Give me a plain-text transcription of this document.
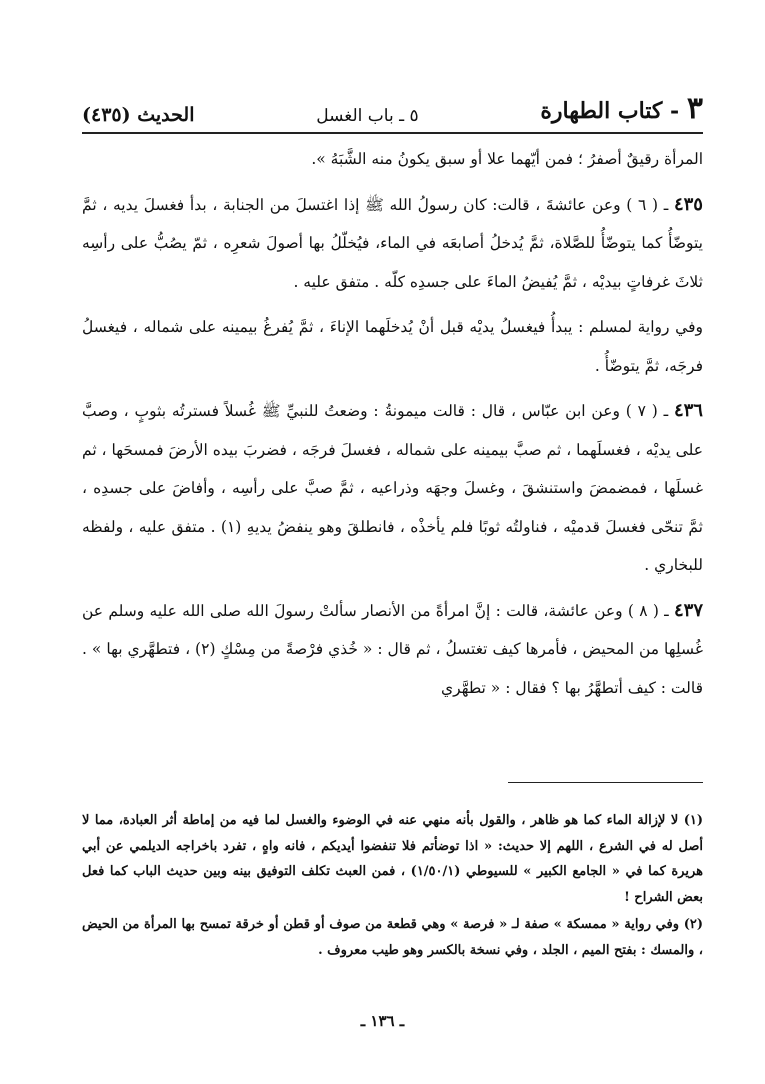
٣ - كتاب الطهارة
٥ ـ باب الغسل
الحديث (٤٣٥)

المرأة رقيقٌ أصفرُ ؛ فمن أيّهما علا أو سبق يكونُ منه الشَّبَهُ ».

٤٣٥ ـ ( ٦ ) وعن عائشةَ ، قالت: كان رسولُ الله ﷺ إذا اغتسلَ من الجنابة ، بدأ فغسلَ يديه ، ثمَّ يتوضّأُ كما يتوضّأُ للصَّلاة، ثمَّ يُدخلُ أصابعَه في الماء، فيُخلّلُ بها أصولَ شعرِه ، ثمّ يصُبُّ على رأسِه ثلاثَ غرفاتٍ بيديْه ، ثمَّ يُفيضُ الماءَ على جسدِه كلّه . متفق عليه .

وفي رواية لمسلم : يبدأُ فيغسلُ يديْه قبل أنْ يُدخلَهما الإناءَ ، ثمَّ يُفرغُ بيمينه على شماله ، فيغسلُ فرجَه، ثمَّ يتوضّأُ .

٤٣٦ ـ ( ٧ ) وعن ابن عبّاس ، قال : قالت ميمونةُ : وضعتُ للنبيِّ ﷺ غُسلاً فسترتُه بثوبٍ ، وصبَّ على يديْه ، فغسلَهما ، ثم صبَّ بيمينه على شماله ، فغسلَ فرجَه ، فضربَ بيده الأرضَ فمسحَها ، ثم غسلَها ، فمضمضَ واستنشقَ ، وغسلَ وجهَه وذراعيه ، ثمَّ صبَّ على رأسِه ، وأفاضَ على جسدِه ، ثمَّ تنحّى فغسلَ قدميْه ، فناولتُه ثوبًا فلم يأخذْه ، فانطلقَ وهو ينفضُ يديهِ (١) . متفق عليه ، ولفظه للبخاري .

٤٣٧ ـ ( ٨ ) وعن عائشة، قالت : إنَّ امرأةً من الأنصار سألتْ رسولَ الله صلى الله عليه وسلم عن غُسلِها من المحيض ، فأمرها كيف تغتسلُ ، ثم قال : « خُذي فرْصةً من مِسْكٍ (٢) ، فتطهَّري بها » . قالت : كيف أتطهَّرُ بها ؟ فقال : « تطهَّري

(١) لا لإزالة الماء كما هو ظاهر ، والقول بأنه منهي عنه في الوضوء والغسل لما فيه من إماطة أثر العبادة، مما لا أصل له في الشرع ، اللهم إلا حديث: « اذا توضأتم فلا تنفضوا أيديكم ، فانه واهٍ ، تفرد باخراجه الديلمي عن أبي هريرة كما في « الجامع الكبير » للسيوطي (١/٥٠/١) ، فمن العبث تكلف التوفيق بينه وبين حديث الباب كما فعل بعض الشراح !

(٢) وفي رواية « ممسكة » صفة لـ « فرصة » وهي قطعة من صوف أو قطن أو خرقة تمسح بها المرأة من الحيض ، والمسك : بفتح الميم ، الجلد ، وفي نسخة بالكسر وهو طيب معروف .

ـ ١٣٦ ـ
